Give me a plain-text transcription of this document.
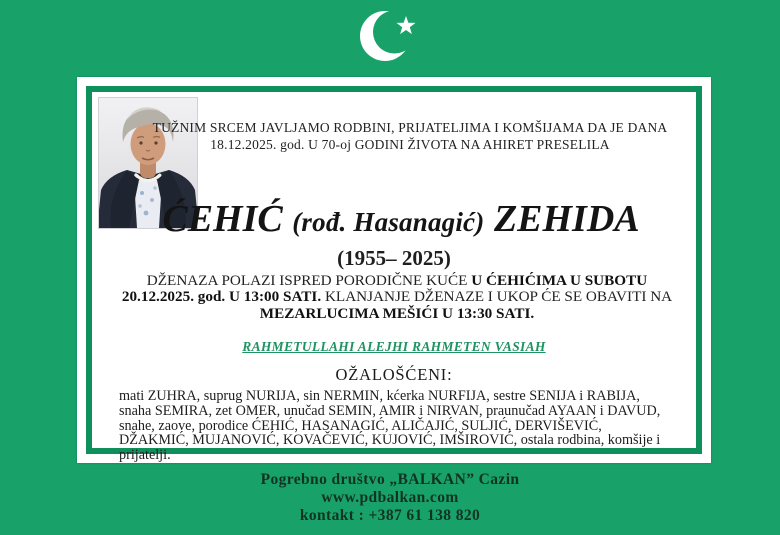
TUŽNIM SRCEM JAVLJAMO RODBINI, PRIJATELJIMA I KOMŠIJAMA DA JE DANA
18.12.2025. god. U 70-oj GODINI ŽIVOTA NA AHIRET PRESELILA
ĆEHIĆ (rođ. Hasanagić) ZEHIDA
(1955– 2025)
DŽENAZA POLAZI ISPRED PORODIČNE KUĆE U ĆEHIĆIMA U SUBOTU
20.12.2025. god. U 13:00 SATI. KLANJANJE DŽENAZE I UKOP ĆE SE OBAVITI NA
MEZARLUCIMA MEŠIĆI U 13:30 SATI.
RAHMETULLAHI ALEJHI RAHMETEN VASIAH
OŽALOŠĆENI:
mati ZUHRA, suprug NURIJA, sin NERMIN, kćerka NURFIJA, sestre SENIJA i RABIJA, snaha SEMIRA, zet OMER, unučad SEMIN, AMIR i NIRVAN, praunučad AYAAN i DAVUD, snahe, zaove, porodice ĆEHIĆ, HASANAGIĆ, ALIČAJIĆ, SULJIĆ, DERVIŠEVIĆ, DŽAKMIĆ, MUJANOVIĆ, KOVAČEVIĆ, KUJOVIĆ, IMŠIROVIĆ, ostala rodbina, komšije i prijatelji.
Pogrebno društvo „BALKAN” Cazin
www.pdbalkan.com
kontakt : +387 61 138 820
